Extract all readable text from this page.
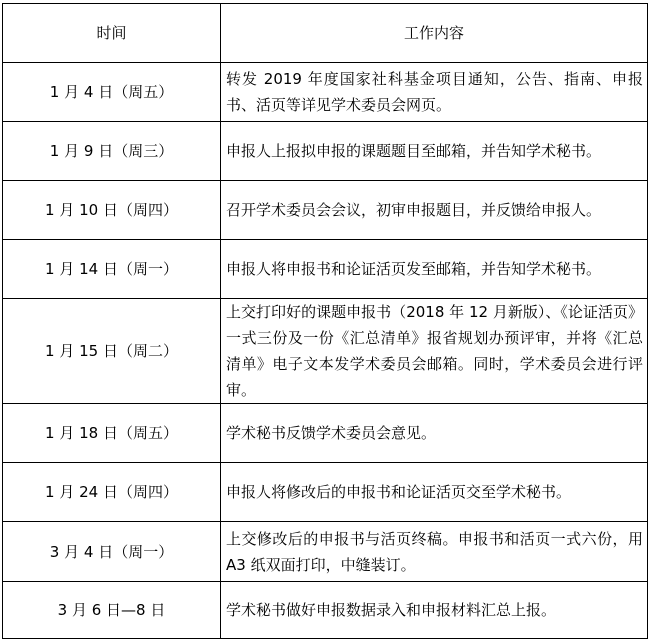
时间	工作内容
1 月 4 日（周五）	转发 2019 年度国家社科基金项目通知，公告、指南、申报书、活页等详见学术委员会网页。
1 月 9 日（周三）	申报人上报拟申报的课题题目至邮箱，并告知学术秘书。
1 月 10 日（周四）	召开学术委员会会议，初审申报题目，并反馈给申报人。
1 月 14 日（周一）	申报人将申报书和论证活页发至邮箱，并告知学术秘书。
1 月 15 日（周二）	上交打印好的课题申报书（2018 年 12 月新版）、《论证活页》一式三份及一份《汇总清单》报省规划办预评审，并将《汇总清单》电子文本发学术委员会邮箱。同时，学术委员会进行评审。
1 月 18 日（周五）	学术秘书反馈学术委员会意见。
1 月 24 日（周四）	申报人将修改后的申报书和论证活页交至学术秘书。
3 月 4 日（周一）	上交修改后的申报书与活页终稿。申报书和活页一式六份，用 A3 纸双面打印，中缝装订。
3 月 6 日—8 日	学术秘书做好申报数据录入和申报材料汇总上报。
